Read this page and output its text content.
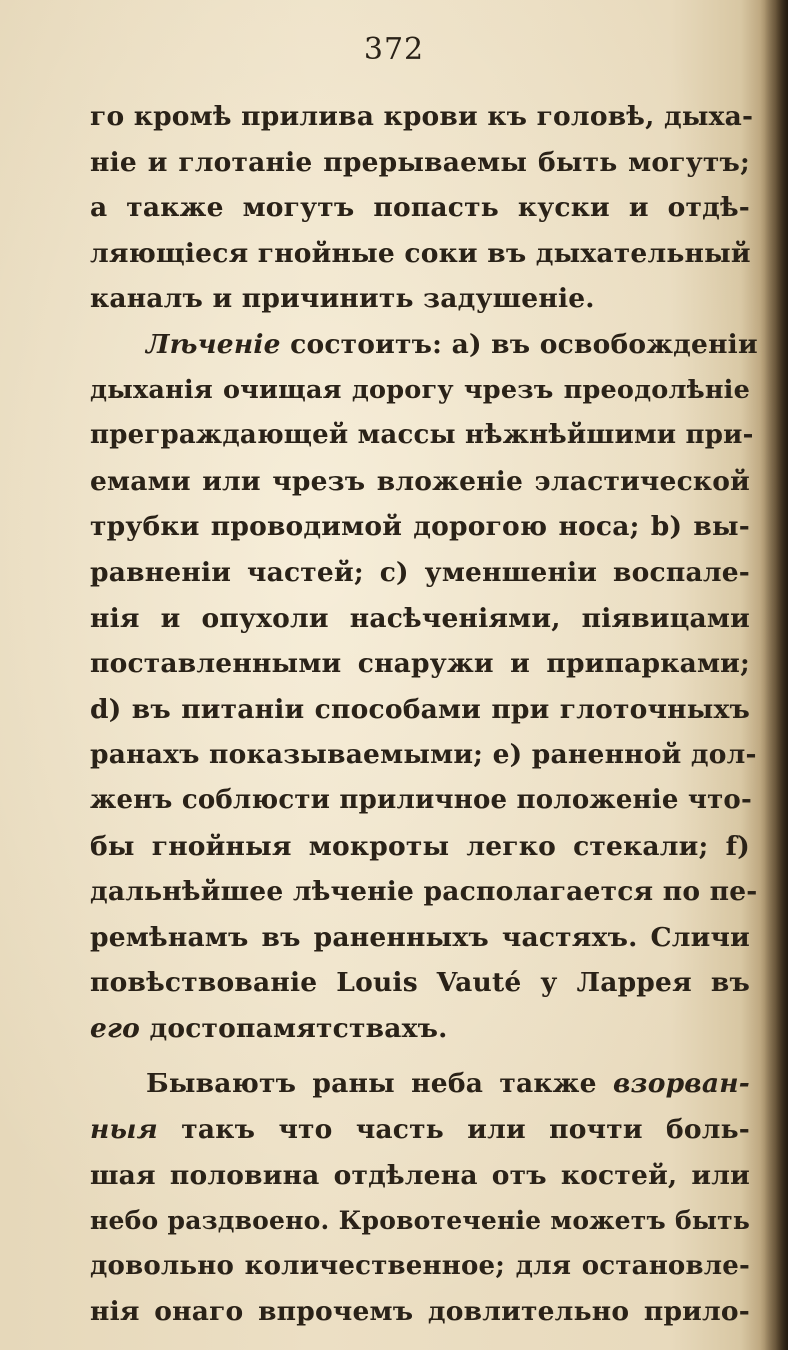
372
го кромѣ прилива крови къ головѣ, дыха-
ніе и глотаніе прерываемы быть могутъ;
а также могутъ попасть куски и отдѣ-
ляющіеся гнойные соки въ дыхательный
каналъ и причинить задушеніе.
Лѣченіе состоитъ: а) въ освобожденіи
дыханія очищая дорогу чрезъ преодолѣніе
преграждающей массы нѣжнѣйшими при-
емами или чрезъ вложеніе эластической
трубки проводимой дорогою носа; b) вы-
равненіи частей; с) уменшеніи воспале-
нія и опухоли насѣченіями, піявицами
поставленными снаружи и припарками;
d) въ питаніи способами при глоточныхъ
ранахъ показываемыми; е) раненной дол-
женъ соблюсти приличное положеніе что-
бы гнойныя мокроты легко стекали; f)
дальнѣйшее лѣченіе располагается по пе-
ремѣнамъ въ раненныхъ частяхъ. Сличи
повѣствованіе Louis Vauté у Ларрея въ
его достопамятствахъ.
Бываютъ раны неба также взорван-
ныя такъ что часть или почти боль-
шая половина отдѣлена отъ костей, или
небо раздвоено. Кровотеченіе можетъ быть
довольно количественное; для остановле-
нія онаго впрочемъ довлительно прило-
